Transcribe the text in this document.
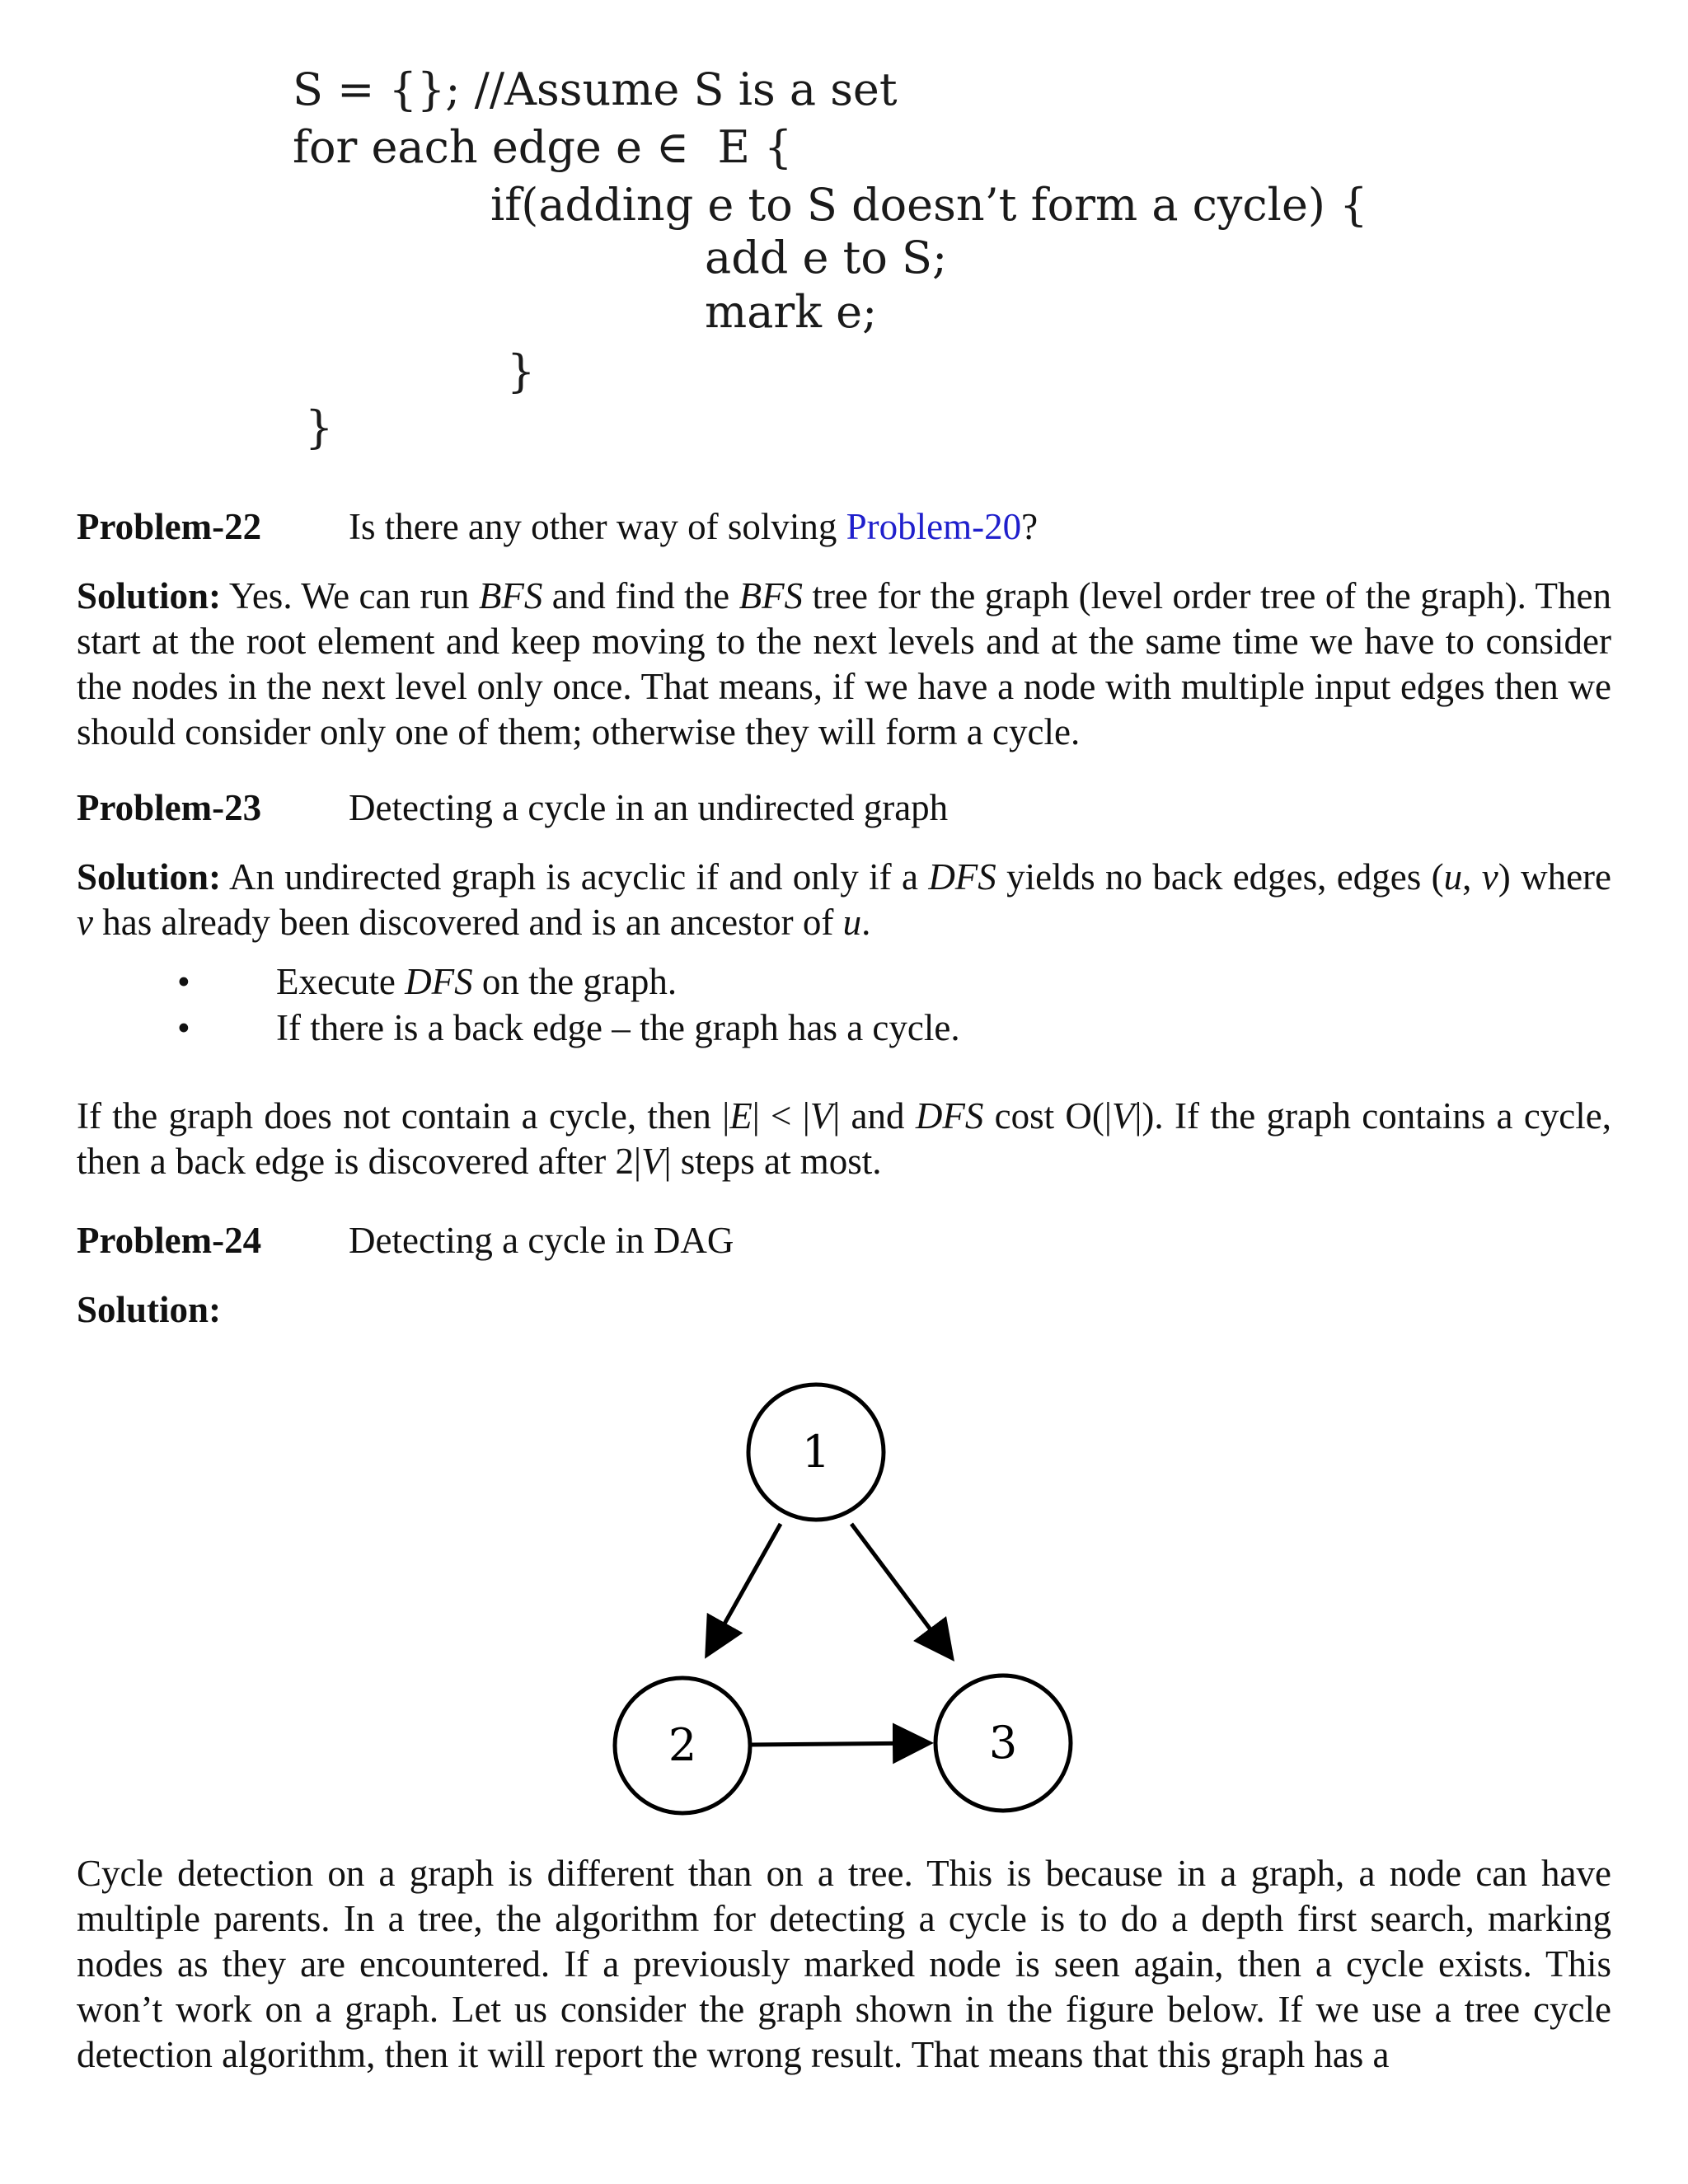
S = {}; //Assume S is a set
for each edge e ∈  E {
if(adding e to S doesn’t form a cycle) {
add e to S;
mark e;
}
}
Problem-22	Is there any other way of solving Problem-20?
Solution: Yes. We can run BFS and find the BFS tree for the graph (level order tree of the graph). Then start at the root element and keep moving to the next levels and at the same time we have to consider the nodes in the next level only once. That means, if we have a node with multiple input edges then we should consider only one of them; otherwise they will form a cycle.
Problem-23	Detecting a cycle in an undirected graph
Solution: An undirected graph is acyclic if and only if a DFS yields no back edges, edges (u, v) where v has already been discovered and is an ancestor of u.
•	Execute DFS on the graph.
•	If there is a back edge – the graph has a cycle.
If the graph does not contain a cycle, then |E| < |V| and DFS cost O(|V|). If the graph contains a cycle, then a back edge is discovered after 2|V| steps at most.
Problem-24	Detecting a cycle in DAG
Solution:
1
2	3
Cycle detection on a graph is different than on a tree. This is because in a graph, a node can have multiple parents. In a tree, the algorithm for detecting a cycle is to do a depth first search, marking nodes as they are encountered. If a previously marked node is seen again, then a cycle exists. This won’t work on a graph. Let us consider the graph shown in the figure below. If we use a tree cycle detection algorithm, then it will report the wrong result. That means that this graph has a
